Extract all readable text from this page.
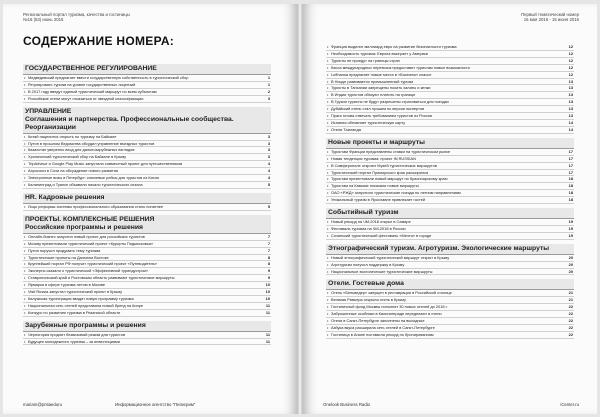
Региональный портал туризма, качества и гостиницы
№16 (53) июнь 2016
СОДЕРЖАНИЕ НОМЕРА:
ГОСУДАРСТВЕННОЕ РЕГУЛИРОВАНИЕ
• Медведевский предлагает ввести государственную собственность в туристический сбор	1
• Регулировать туризм на уровне государственных лицензий	1
• В 2017 году введут единый туристический маршрут по всем субъектам	2
• Российские отели могут отказаться от звездной классификации	3
УПРАВЛЕНИЕ
Соглашения и партнерства. Профессиональные сообщества.
Реорганизации
• Китай нацелится открыть по туризму на Байкале	3
• Путин в прошлом Ведомства обсудил управление въездных туристов	3
• Казахстан уверенно вход для дальнозарубежных взглядов	3
• Хронический туристический сбор на Байкале в Крыму	3
• TripAdvisor и Google Play Music запустили совместный проект для путешественников	4
• Аэросоюз в Сочи на обсуждение нового развития	4
• Электронные визы в Петербург: ключевые рейсы для туристов из Китая	4
• Калининград и Туапсе объявили начало туристического сезона	5
HR. Кадровые решения
• Лицо реформы системы профессионального образования стало понятнее	5
ПРОЕКТЫ. КОМПЛЕКСНЫЕ РЕШЕНИЯ
Российские программы и решения
• Онлайн-бизнес запустил новый проект для российских туристов	7
• Москву презентовали туристический проект «Курорты Подмосковья»	7
• Путин поручил продумать тему туризма	7
• Туристические проекты на Дальнем Востоке	8
• Крупнейший портал РФ получит туристический проект «Путеводитель»	8
• Эксперты сказали о туристической «Эффективной туриндустрии»	9
• Ставропольский край и Ростовская область развивают туристические маршруты	9
• Ярмарка в сфере туризма летом в Москве	10
• Visit Russia запустил туристический проект в Крыму	10
• Калужская туроперация вводит новую программу туризма	10
• Национальная сеть отелей представила новый бренд на Кипре	11
• Конкурс по развитию туризма в Рязанской области	11
Зарубежные программы и решения
• Черногория продлит безвизовый режим для туристов	11
• Будущее молодежного туризма – за инвестициями	11
mariam@pntiaeduru	Информационное агентство "Пилигрим"
Первый тематический номер
16 мая 2016 - 15 июня 2016
• Франция выделит миллиард евро на развитие безопасности туризма	12
• Необходимость туризма: Европа выиграет у Америки	12
• Туристы не проедут на границы стран	12
• Касса международных перевозок предоставит туристам новые возможности	12
• Lufthansa предлагает новые места в «Business» классе	12
• В Ницце развивается промышленный туризм	13
• Туристы в Танзании запрещены носить халаты и кепки	13
• В Индии туристов обязуют платить на границе	13
• В Грузии туристы не будут разрешены страховаться для поездки	13
• Дубайский отель стал лучшим по версии экспертов	13
• Прага готова отвечать требованиям туристов из России	13
• Испания обновляет туристическую карту	14
• Отели Таиланда	14
Новые проекты и маршруты
• Туристам Франции представлены ставки на туристическом рынке	17
• Новая тенденция туризма: проект IN RUSSIAN	17
• В Симферополе откроют Музей туристических маршрутов	17
• Туристический портал Приморского края расширился	17
• Туристам презентовали новый маршрут по Красноярскому краю	18
• Туристам на Кавказе показали новые маршруты	18
• ОАО «РЖД» запустило туристические поезда по летним направлениям	18
• Уникальный туризм в Ярославле привлекает гостей	18
Событийный туризм
• Новый рекорд на ЧМ-2018 открыт в Самаре	19
• Фестиваль туризма на ЧМ-2018 в России	19
• Сочинский туристический фестиваль «Мечта» в городе	19
Этнографический туризм. Агротуризм. Экологические маршруты
• Новый этнографический туристический маршрут открыт в Крыму	20
• Агротуризм получил поддержку в Крыму	20
• Национальные экологические туристические маршруты	20
Отели. Гостевые дома
• Отель «Бельведер» запущен в реставрации в Российской столице	21
• Великая Ривьера открыла отель в Крыму	21
• Гостиничный фонд Москвы пополнят 30 новых отелей до 2018 г.	22
• Заброшенные особняки в Калининграде переделают в отели	22
• Отели в Санкт-Петербурге заполнены на выходные	22
• Азбука вкуса расширила сеть отелей в Санкт-Петербурге	22
• Гостиница в Анапе поставила рекорд по бронированиям	22
Onelook Business Radio	iCenter.ru
